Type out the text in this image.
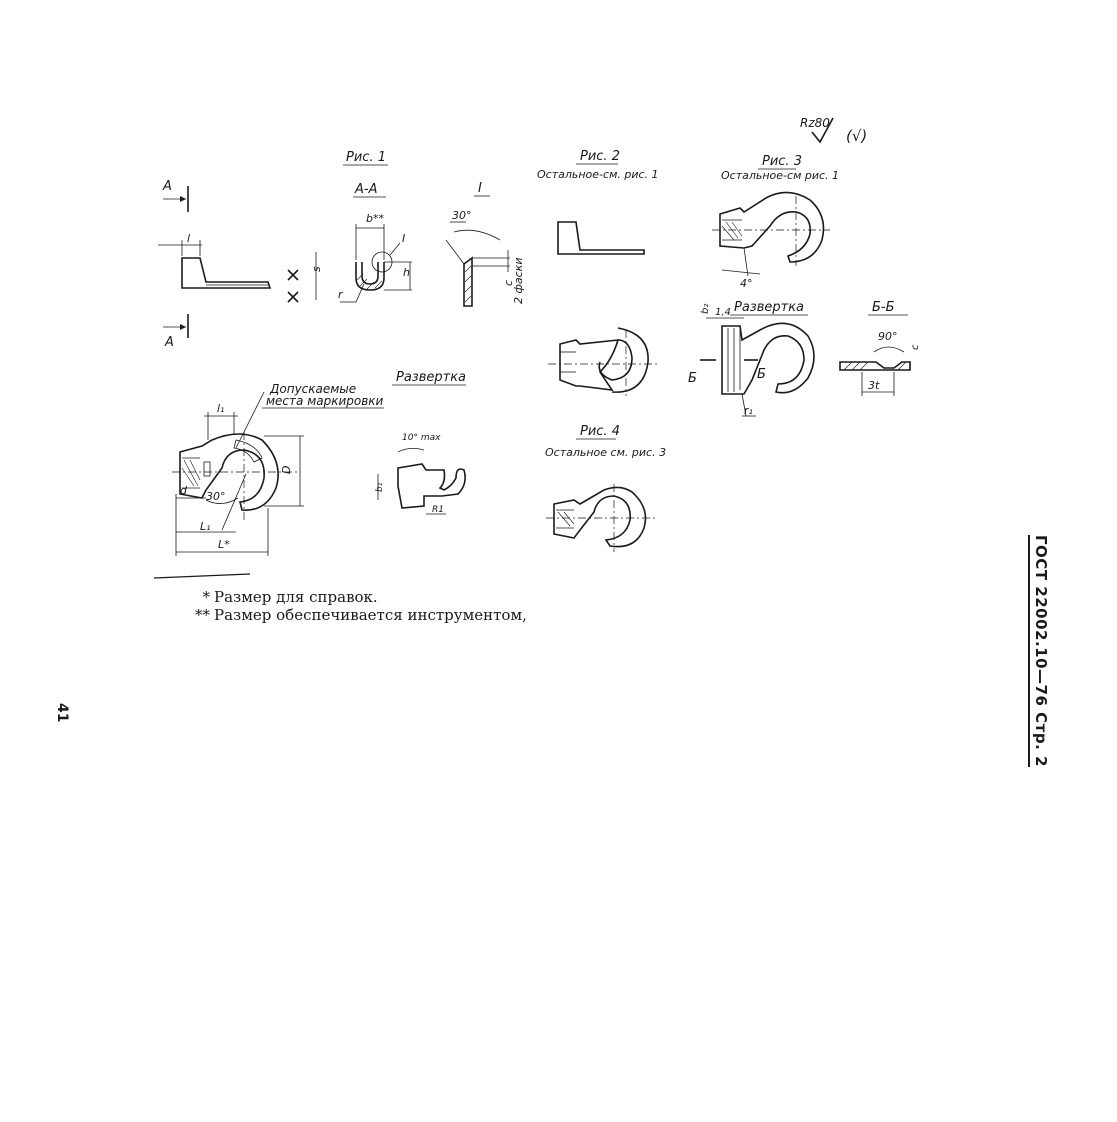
Rz80
(√)
Рис. 1
А
А
l
s
А-А
b**
I
h
r
I
30°
c
2 фаски
Рис. 2
Остальное-см. рис. 1
Рис. 3
Остальное-см рис. 1
4°
Развертка
b₂ 1,4
Б	Б
r₁
Б-Б
90°
c
3t
Рис. 4
Остальное см. рис. 3
Допускаемые
места маркировки
l₁
D
d 30°
L₁
L*
Развертка
10° max
b₁
R1
* Размер для справок.
** Размер обеспечивается инструментом,	ГОСТ 22002.10—76 Стр. 2
41
